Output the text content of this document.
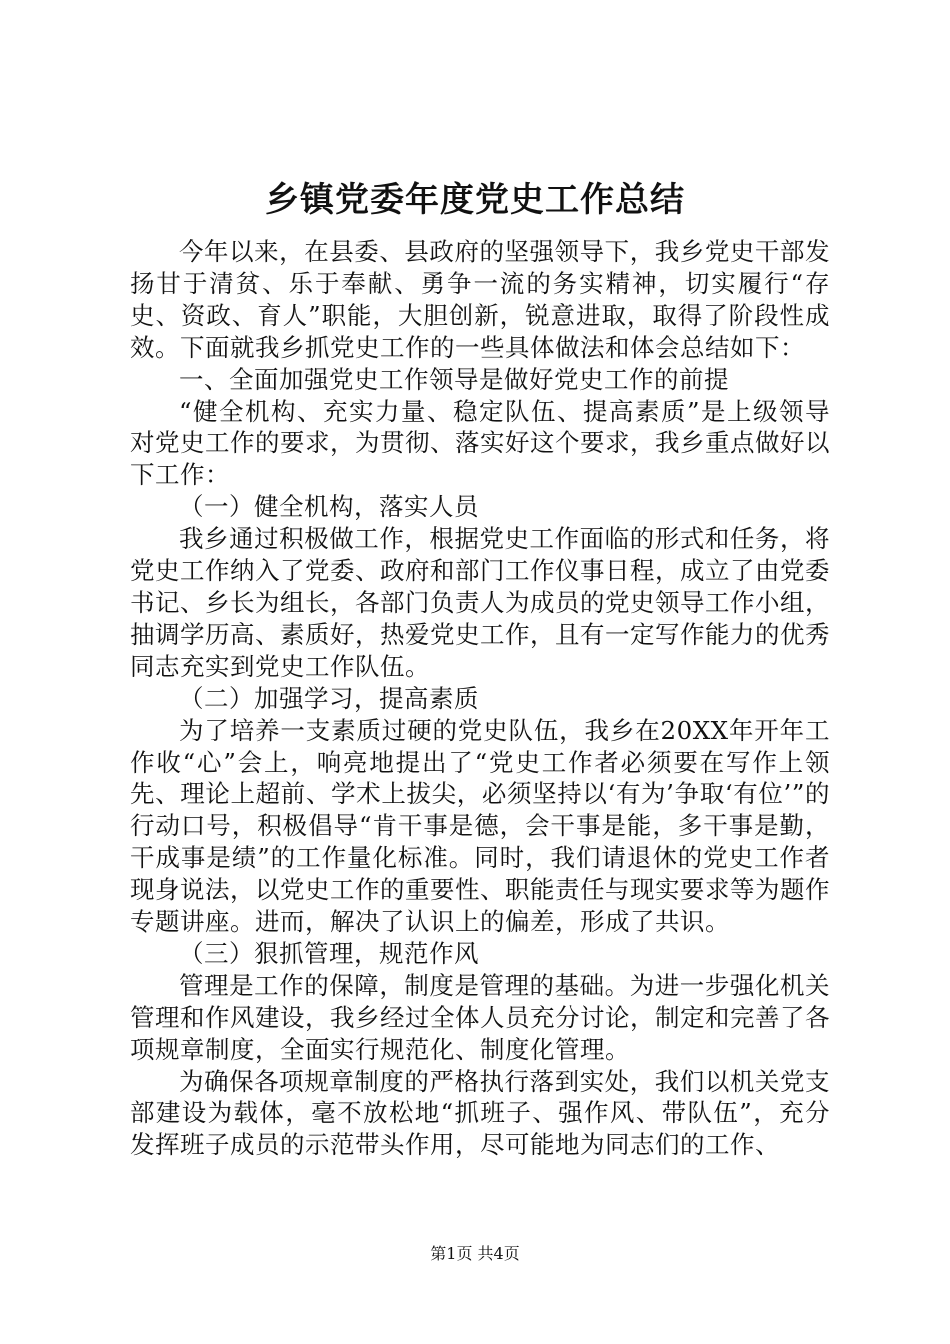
乡镇党委年度党史工作总结

今年以来，在县委、县政府的坚强领导下，我乡党史干部发扬甘于清贫、乐于奉献、勇争一流的务实精神，切实履行“存史、资政、育人”职能，大胆创新，锐意进取，取得了阶段性成效。下面就我乡抓党史工作的一些具体做法和体会总结如下：

一、全面加强党史工作领导是做好党史工作的前提

“健全机构、充实力量、稳定队伍、提高素质”是上级领导对党史工作的要求，为贯彻、落实好这个要求，我乡重点做好以下工作：

（一）健全机构，落实人员

我乡通过积极做工作，根据党史工作面临的形式和任务，将党史工作纳入了党委、政府和部门工作仪事日程，成立了由党委书记、乡长为组长，各部门负责人为成员的党史领导工作小组，抽调学历高、素质好，热爱党史工作，且有一定写作能力的优秀同志充实到党史工作队伍。

（二）加强学习，提高素质

为了培养一支素质过硬的党史队伍，我乡在20XX年开年工作收“心”会上，响亮地提出了“党史工作者必须要在写作上领先、理论上超前、学术上拔尖，必须坚持以‘有为’争取‘有位’”的行动口号，积极倡导“肯干事是德，会干事是能，多干事是勤，干成事是绩”的工作量化标准。同时，我们请退休的党史工作者现身说法，以党史工作的重要性、职能责任与现实要求等为题作专题讲座。进而，解决了认识上的偏差，形成了共识。

（三）狠抓管理，规范作风

管理是工作的保障，制度是管理的基础。为进一步强化机关管理和作风建设，我乡经过全体人员充分讨论，制定和完善了各项规章制度，全面实行规范化、制度化管理。

为确保各项规章制度的严格执行落到实处，我们以机关党支部建设为载体，毫不放松地“抓班子、强作风、带队伍”，充分发挥班子成员的示范带头作用，尽可能地为同志们的工作、

第1页 共4页
